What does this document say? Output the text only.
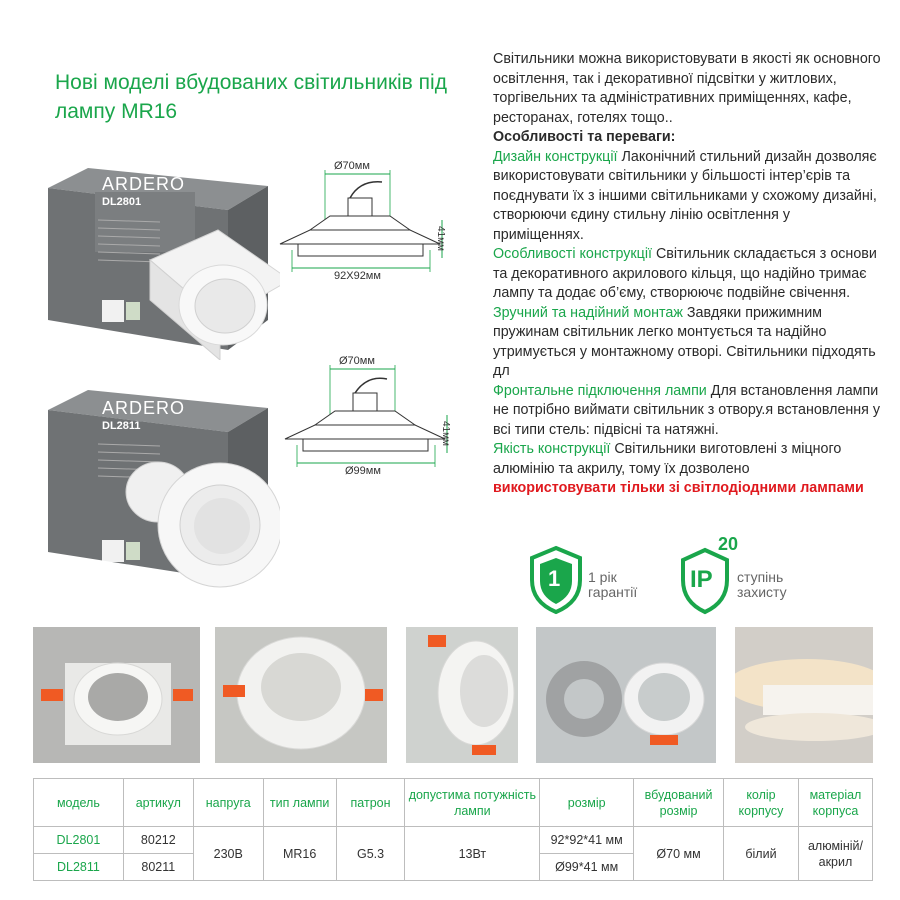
Нові моделі вбудованих світильників під лампу MR16
Світильники можна використовувати в якості як основного освітлення, так і декоративної підсвітки у житлових, торгівельних та адміністративних приміщеннях, кафе, ресторанах, готелях тощо..
Особливості та переваги:
Дизайн конструкції Лаконічний стильний дизайн дозволяє використовувати світильники у більшості інтер’єрів та поєднувати їх з іншими світильниками у схожому дизайні, створюючи єдину стильну лінію освітлення у приміщеннях.
Особливості конструкції Світильник складається з основи та декоративного акрилового кільця, що надійно тримає лампу та додає об’єму, створюючє подвійне свічення.
Зручний та надійний монтаж Завдяки прижимним пружинам світильник легко монтується та надійно утримується у монтажному отворі. Світильники підходять дл
Фронтальне підключення лампи Для встановлення лампи не потрібно виймати світильник з отвору.я встановлення у всі типи стель: підвісні та натяжні.
Якість конструкції Світильники виготовлені з міцного алюмінію та акрилу, тому їх дозволено
використовувати тільки зі світлодіодними лампами
ARDERO
DL2801
Ø70мм
92X92мм
41мм
ARDERO
DL2811
Ø70мм
Ø99мм
41мм
1 1 рік
гарантії IP
20
ступінь
захисту
модель	артикул	напруга	тип лампи	патрон	допустима потужність лампи	розмір	вбудований розмір	колір корпусу	матеріал корпуса
DL2801	80212	230В	MR16	G5.3	13Вт	92*92*41 мм	Ø70 мм	білий	алюміній/ акрил
DL2811	80211					Ø99*41 мм			
